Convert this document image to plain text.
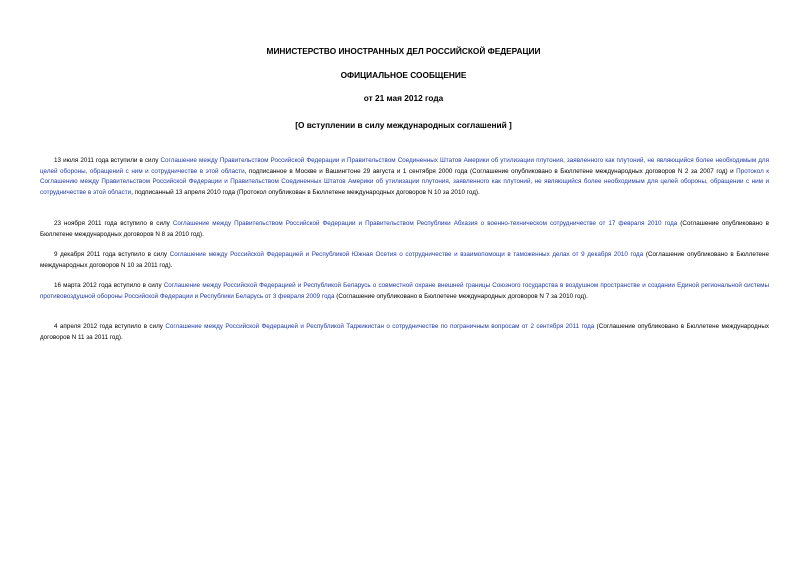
МИНИСТЕРСТВО ИНОСТРАННЫХ ДЕЛ РОССИЙСКОЙ ФЕДЕРАЦИИ
ОФИЦИАЛЬНОЕ СООБЩЕНИЕ
от 21 мая 2012 года
[О вступлении в силу международных соглашений ]

13 июля 2011 года вступили в силу Соглашение между Правительством Российской Федерации и Правительством Соединенных Штатов Америки об утилизации плутония, заявленного как плутоний, не являющийся более необходимым для целей обороны, обращений с ним и сотрудничестве в этой области, подписанное в Москве и Вашингтоне 29 августа и 1 сентября 2000 года (Соглашение опубликовано в Бюллетене международных договоров N 2 за 2007 год) и Протокол к Соглашению между Правительством Российской Федерации и Правительством Соединенных Штатов Америки об утилизации плутония, заявленного как плутоний, не являющийся более необходимым для целей обороны, обращении с ним и сотрудничестве в этой области, подписанный 13 апреля 2010 года (Протокол опубликован в Бюллетене международных договоров N 10 за 2010 год).

23 ноября 2011 года вступило в силу Соглашение между Правительством Российской Федерации и Правительством Республики Абхазия о военно-техническом сотрудничестве от 17 февраля 2010 года (Соглашение опубликовано в Бюллетене международных договоров N 8 за 2010 год).

9 декабря 2011 года вступило в силу Соглашение между Российской Федерацией и Республикой Южная Осетия о сотрудничестве и взаимопомощи в таможенных делах от 9 декабря 2010 года (Соглашение опубликовано в Бюллетене международных договоров N 10 за 2011 год).

16 марта 2012 года вступило в силу Соглашение между Российской Федерацией и Республикой Беларусь о совместной охране внешней границы Союзного государства в воздушном пространстве и создании Единой региональной системы противовоздушной обороны Российской Федерации и Республики Беларусь от 3 февраля 2009 года (Соглашение опубликовано в Бюллетене международных договоров N 7 за 2010 год).

4 апреля 2012 года вступило в силу Соглашение между Российской Федерацией и Республикой Таджикистан о сотрудничестве по пограничным вопросам от 2 сентября 2011 года (Соглашение опубликовано в Бюллетене международных договоров N 11 за 2011 год).
